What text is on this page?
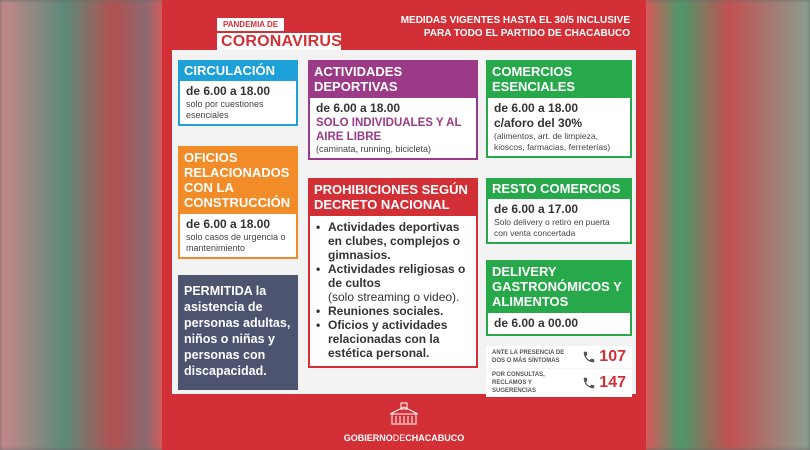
PANDEMIA DE
CORONAVIRUS
MEDIDAS VIGENTES HASTA EL 30/5 INCLUSIVE
PARA TODO EL PARTIDO DE CHACABUCO
CIRCULACIÓN
de 6.00 a 18.00
solo por cuestiones esenciales
OFICIOS RELACIONADOS CON LA CONSTRUCCIÓN
de 6.00 a 18.00
solo casos de urgencia o mantenimiento
PERMITIDA la asistencia de personas adultas, niños o niñas y personas con discapacidad.
ACTIVIDADES DEPORTIVAS
de 6.00 a 18.00
SOLO INDIVIDUALES Y AL AIRE LIBRE
(caminata, running, bicicleta)
PROHIBICIONES SEGÚN DECRETO NACIONAL
• Actividades deportivas en clubes, complejos o gimnasios.
• Actividades religiosas o de cultos
(solo streaming o video).
• Reuniones sociales.
• Oficios y actividades relacionadas con la estética personal.
COMERCIOS ESENCIALES
de 6.00 a 18.00
c/aforo del 30%
(alimentos, art. de limpieza, kioscos, farmacias, ferreterías)
RESTO COMERCIOS
de 6.00 a 17.00
Solo delivery o retiro en puerta con venta concertada
DELIVERY GASTRONÓMICOS Y ALIMENTOS
de 6.00 a 00.00
ANTE LA PRESENCIA DE DOS O MÁS SÍNTOMAS	107
POR CONSULTAS, RECLAMOS Y SUGERENCIAS	147
GOBIERNODECHACABUCO
